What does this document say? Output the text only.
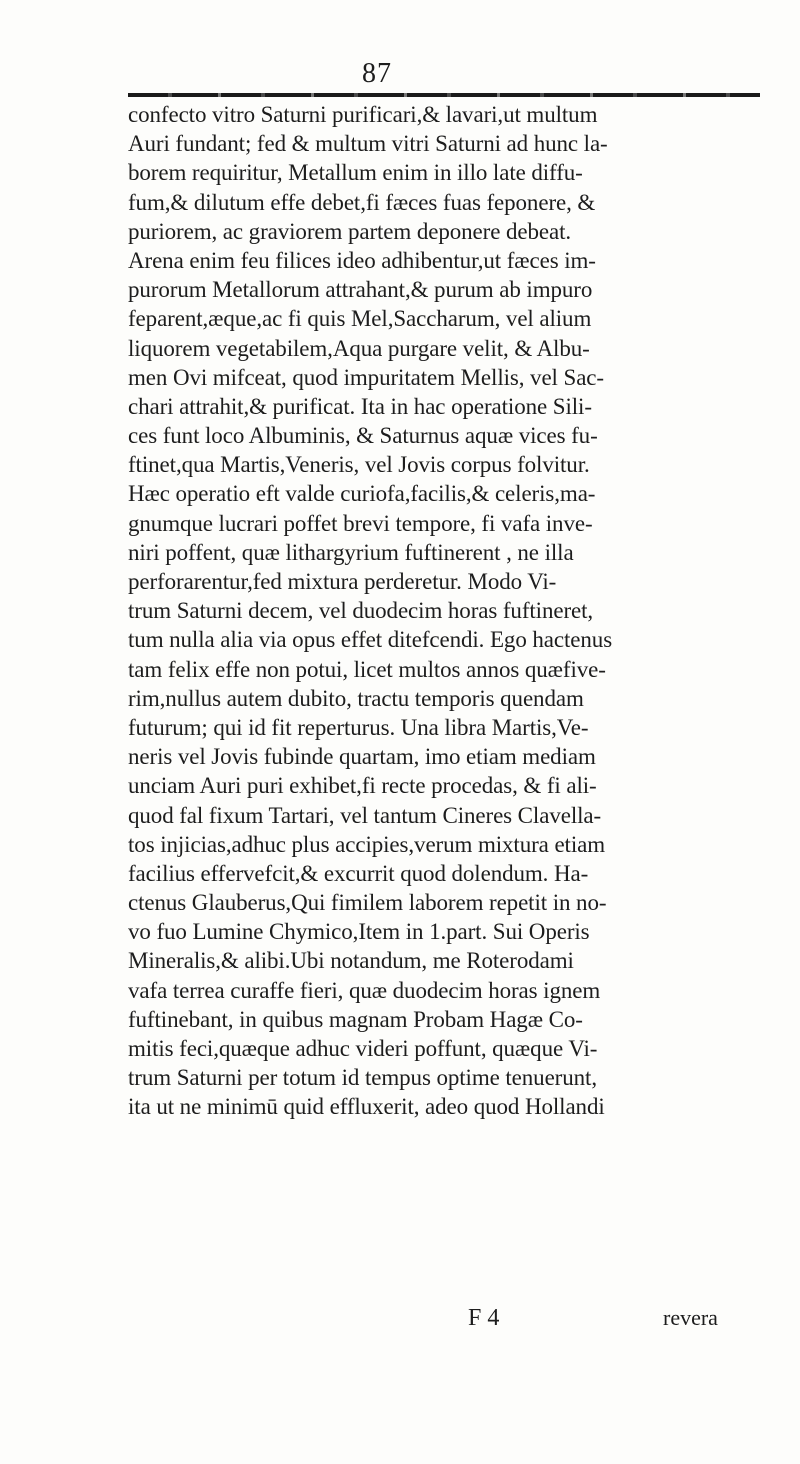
87
confecto vitro Saturni purificari,& lavari,ut multum
Auri fundant; fed & multum vitri Saturni ad hunc la-
borem requiritur, Metallum enim in illo late diffu-
fum,& dilutum effe debet,fi fæces fuas feponere, &
puriorem, ac graviorem partem deponere debeat.
Arena enim feu filices ideo adhibentur,ut fæces im-
purorum Metallorum attrahant,& purum ab impuro
feparent,æque,ac fi quis Mel,Saccharum, vel alium
liquorem vegetabilem,Aqua purgare velit, & Albu-
men Ovi mifceat, quod impuritatem Mellis, vel Sac-
chari attrahit,& purificat. Ita in hac operatione Sili-
ces funt loco Albuminis, & Saturnus aquæ vices fu-
ftinet,qua Martis,Veneris, vel Jovis corpus folvitur.
Hæc operatio eft valde curiofa,facilis,& celeris,ma-
gnumque lucrari poffet brevi tempore, fi vafa inve-
niri poffent, quæ lithargyrium fuftinerent , ne illa
perforarentur,fed mixtura perderetur. Modo Vi-
trum Saturni decem, vel duodecim horas fuftineret,
tum nulla alia via opus effet ditefcendi. Ego hactenus
tam felix effe non potui, licet multos annos quæfive-
rim,nullus autem dubito, tractu temporis quendam
futurum; qui id fit reperturus. Una libra Martis,Ve-
neris vel Jovis fubinde quartam, imo etiam mediam
unciam Auri puri exhibet,fi recte procedas, & fi ali-
quod fal fixum Tartari, vel tantum Cineres Clavella-
tos injicias,adhuc plus accipies,verum mixtura etiam
facilius effervefcit,& excurrit quod dolendum. Ha-
ctenus Glauberus,Qui fimilem laborem repetit in no-
vo fuo Lumine Chymico,Item in 1.part. Sui Operis
Mineralis,& alibi.Ubi notandum, me Roterodami
vafa terrea curaffe fieri, quæ duodecim horas ignem
fuftinebant, in quibus magnam Probam Hagæ Co-
mitis feci,quæque adhuc videri poffunt, quæque Vi-
trum Saturni per totum id tempus optime tenuerunt,
ita ut ne minimū quid effluxerit, adeo quod Hollandi
F 4	revera
